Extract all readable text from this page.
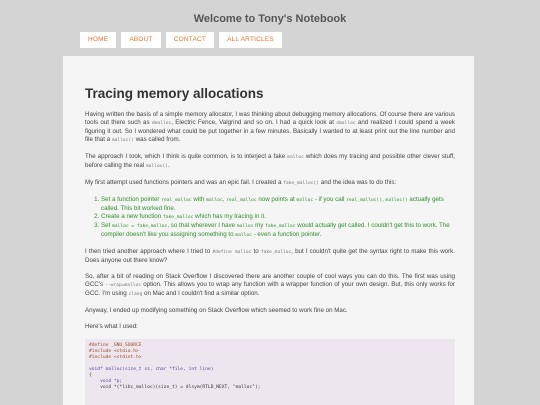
Welcome to Tony's Notebook
HOME	ABOUT	CONTACT	ALL ARTICLES
Tracing memory allocations

Having written the basis of a simple memory allocator, I was thinking about debugging memory allocations. Of course there are various tools out there such as dmalloc, Electric Fence, Valgrind and so on. I had a quick look at dmalloc and realized I could spend a week figuring it out. So I wondered what could be put together in a few minutes. Basically I wanted to at least print out the line number and file that a malloc() was called from.

The approach I took, which I think is quite common, is to interject a fake malloc which does my tracing and possible other clever stuff, before calling the real malloc().

My first attempt used functions pointers and was an epic fail. I created a fake_malloc() and the idea was to do this:

1. Set a function pointer real_malloc with malloc, real_malloc now points at malloc - if you call real_malloc(), malloc() actually gets called. This bit worked fine.
2. Create a new function fake_malloc which has my tracing in it.
3. Set malloc = fake_malloc, so that wherever I have malloc my fake_malloc would actually get called. I couldn't get this to work. The compiler doesn't like you assigning something to malloc - even a function pointer.

I then tried another approach where I tried to #define malloc to fake_malloc, but I couldn't quite get the syntax right to make this work. Does anyone out there know?

So, after a bit of reading on Stack Overflow I discovered there are another couple of cool ways you can do this. The first was using GCC's --wrap=malloc option. This allows you to wrap any function with a wrapper function of your own design. But, this only works for GCC. I'm using clang on Mac and I couldn't find a similar option.

Anyway, I ended up modifying something on Stack Overflow which seemed to work fine on Mac.

Here's what I used:

#define _GNU_SOURCE
#include <stdio.h>
#include <stdint.h>
void* malloc(size_t sz, char *file, int line)
{
void *p;
void *(*libc_malloc)(size_t) = dlsym(RTLD_NEXT, "malloc");
